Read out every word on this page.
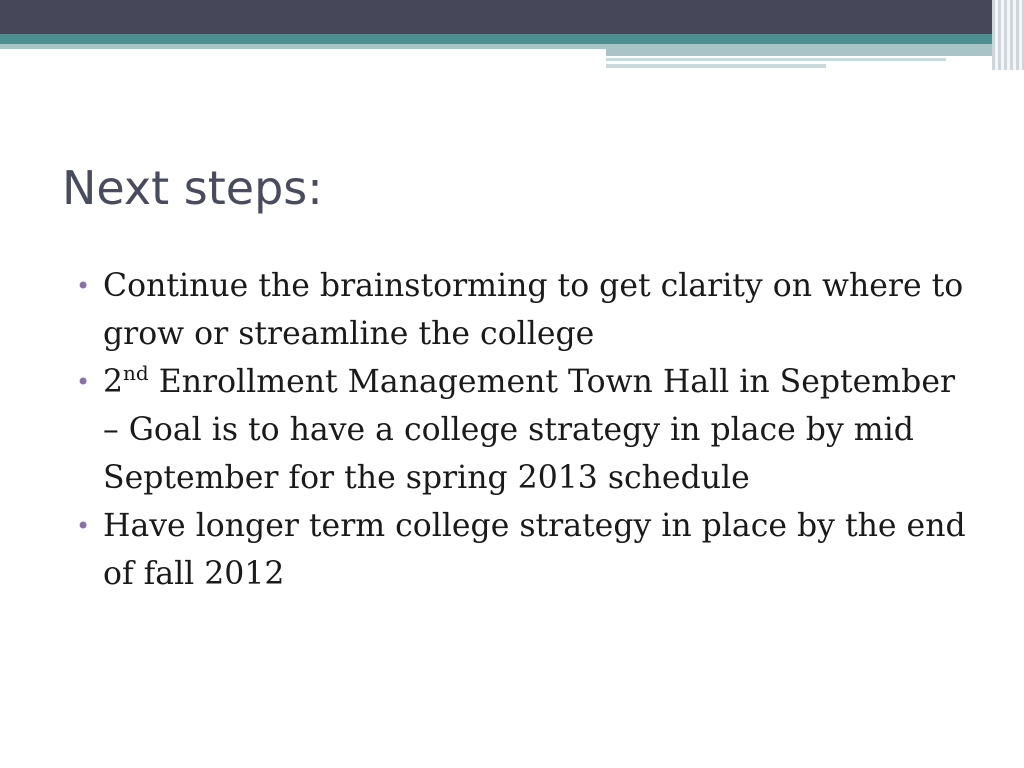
Next steps:
• Continue the brainstorming to get clarity on where to grow or streamline the college
• 2nd Enrollment Management Town Hall in September – Goal is to have a college strategy in place by mid September for the spring 2013 schedule
• Have longer term college strategy in place by the end of fall 2012
